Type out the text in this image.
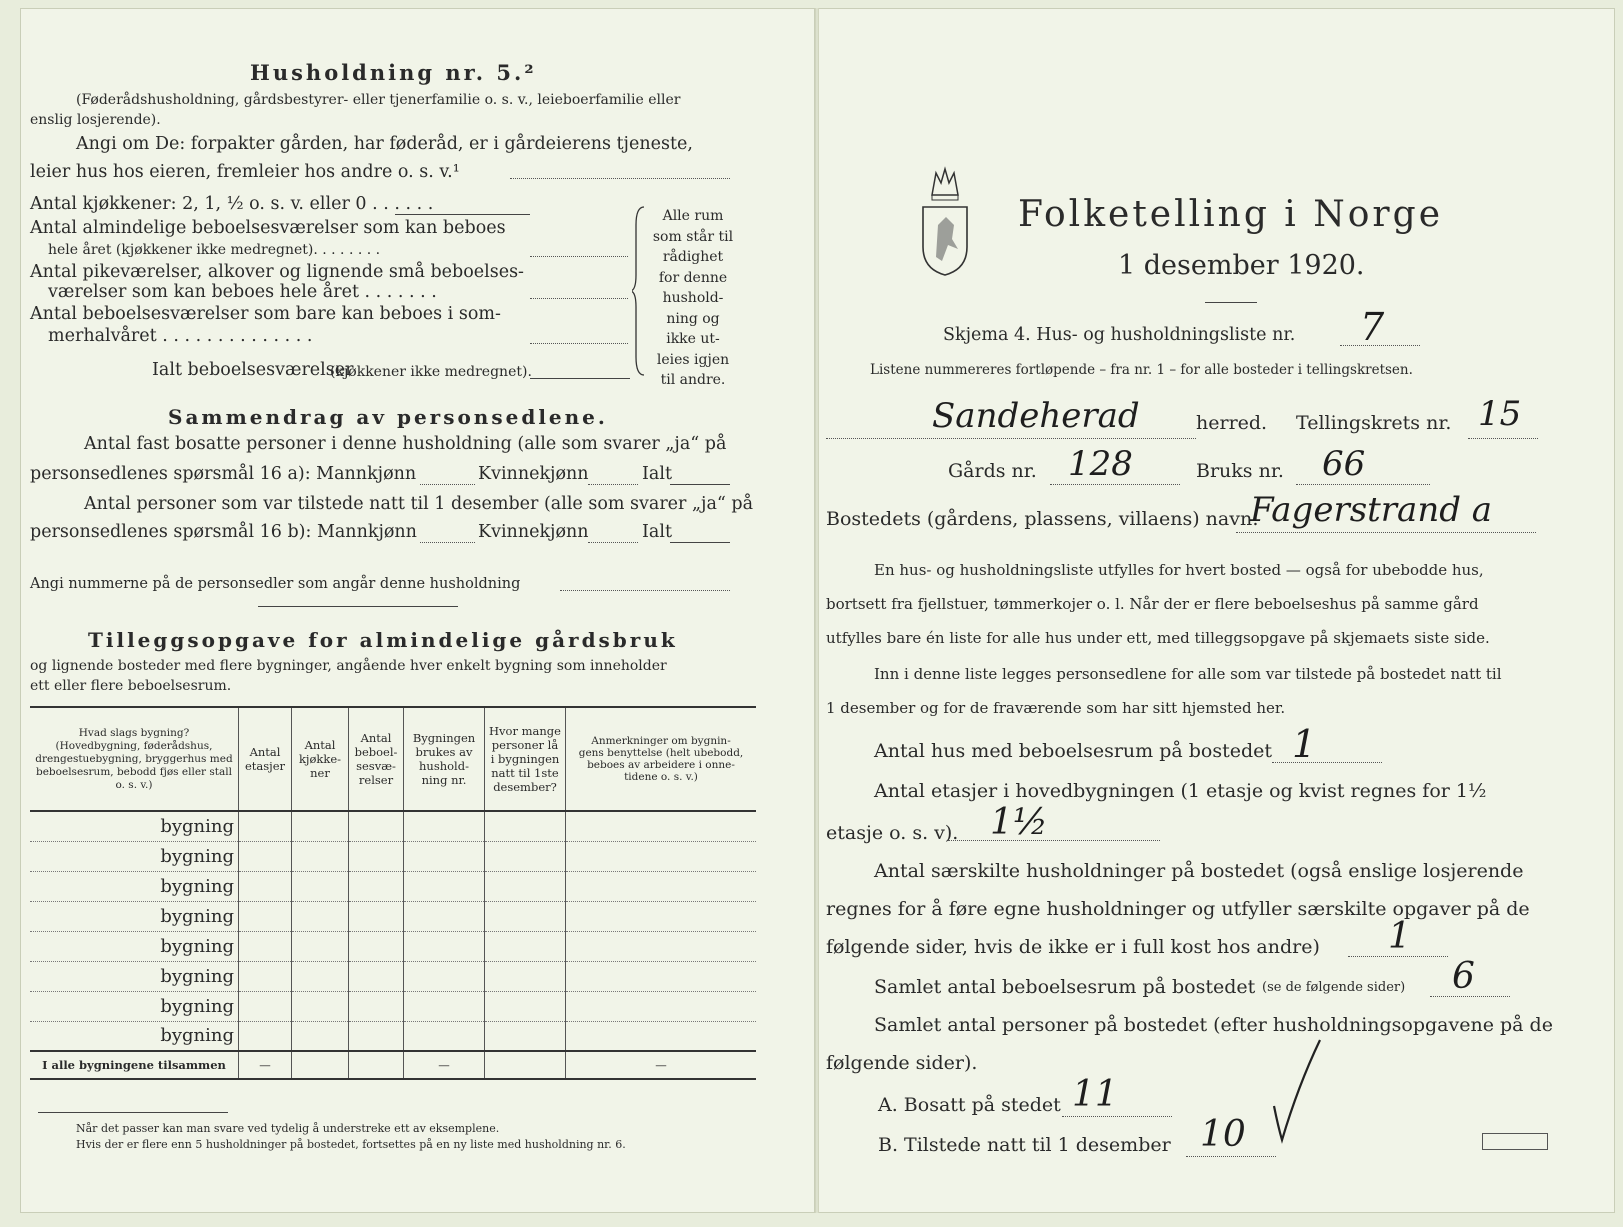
Husholdning nr. 5.²
(Føderådshusholdning, gårdsbestyrer- eller tjenerfamilie o. s. v., leieboerfamilie eller
enslig losjerende).
Angi om De: forpakter gården, har føderåd, er i gårdeierens tjeneste,
leier hus hos eieren, fremleier hos andre o. s. v.¹
Antal kjøkkener: 2, 1, ½ o. s. v. eller 0 . . . . . .
Antal almindelige beboelsesværelser som kan beboes
hele året (kjøkkener ikke medregnet). . . . . . . .
Antal pikeværelser, alkover og lignende små beboelses-
værelser som kan beboes hele året . . . . . . .
Antal beboelsesværelser som bare kan beboes i som-
merhalvåret . . . . . . . . . . . . . .
Ialt beboelsesværelser
(kjøkkener ikke medregnet).
Alle rum
som står til
rådighet
for denne
hushold-
ning og
ikke ut-
leies igjen
til andre.
Sammendrag av personsedlene.
Antal fast bosatte personer i denne husholdning (alle som svarer „ja“ på
personsedlenes spørsmål 16 a): Mannkjønn	Kvinnekjønn	Ialt
Antal personer som var tilstede natt til 1 desember (alle som svarer „ja“ på
personsedlenes spørsmål 16 b): Mannkjønn	Kvinnekjønn	Ialt
Angi nummerne på de personsedler som angår denne husholdning
Tilleggsopgave for almindelige gårdsbruk
og lignende bosteder med flere bygninger, angående hver enkelt bygning som inneholder
ett eller flere beboelsesrum.
Hvad slags bygning?
(Hovedbygning, føderådshus, drengestuebygning, bryggerhus med beboelsesrum, bebodd fjøs eller stall o. s. v.)	Antal
etasjer	Antal
kjøkke-
ner	Antal
beboel-
sesvæ-
relser	Bygningen
brukes av
hushold-
ning nr.	Hvor mange
personer lå
i bygningen
natt til 1ste
desember?	Anmerkninger om bygnin-
gens benyttelse (helt ubebodd,
beboes av arbeidere i onne-
tidene o. s. v.)
bygning						
bygning						
bygning						
bygning						
bygning						
bygning						
bygning						
bygning						
I alle bygningene tilsammen	—			—		—
Når det passer kan man svare ved tydelig å understreke ett av eksemplene.
Hvis der er flere enn 5 husholdninger på bostedet, fortsettes på en ny liste med husholdning nr. 6.
Folketelling i Norge
1 desember 1920.
Skjema 4. Hus- og husholdningsliste nr. 7
Listene nummereres fortløpende – fra nr. 1 – for alle bosteder i tellingskretsen.
Sandeherad	herred. Tellingskrets nr. 15
Gårds nr. 128	Bruks nr. 66
Bostedets (gårdens, plassens, villaens) navn:
Fagerstrand a
En hus- og husholdningsliste utfylles for hvert bosted — også for ubebodde hus,
bortsett fra fjellstuer, tømmerkojer o. l. Når der er flere beboelseshus på samme gård
utfylles bare én liste for alle hus under ett, med tilleggsopgave på skjemaets siste side.
Inn i denne liste legges personsedlene for alle som var tilstede på bostedet natt til
1 desember og for de fraværende som har sitt hjemsted her.
Antal hus med beboelsesrum på bostedet 1
Antal etasjer i hovedbygningen (1 etasje og kvist regnes for 1½
etasje o. s. v). 1½
Antal særskilte husholdninger på bostedet (også enslige losjerende
regnes for å føre egne husholdninger og utfyller særskilte opgaver på de
følgende sider, hvis de ikke er i full kost hos andre) 1
Samlet antal beboelsesrum på bostedet (se de følgende sider) 6
Samlet antal personer på bostedet (efter husholdningsopgavene på de
følgende sider).
A. Bosatt på stedet 11
B. Tilstede natt til 1 desember 10
